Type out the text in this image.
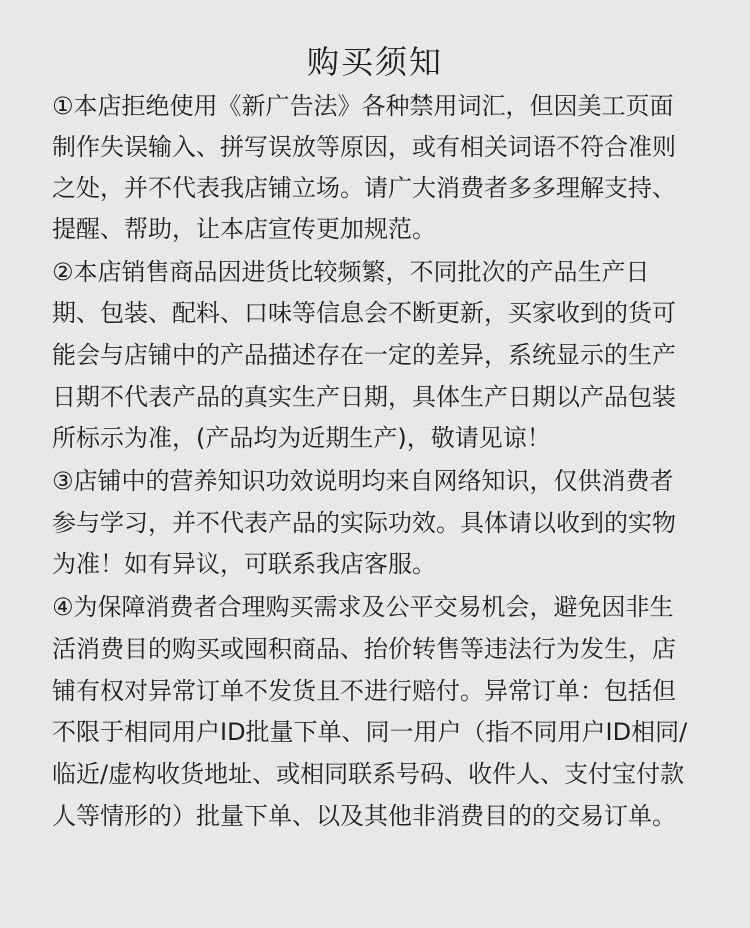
购买须知
①本店拒绝使用《新广告法》各种禁用词汇，但因美工页面
制作失误输入、拼写误放等原因，或有相关词语不符合准则
之处，并不代表我店铺立场。请广大消费者多多理解支持、
提醒、帮助，让本店宣传更加规范。
②本店销售商品因进货比较频繁，不同批次的产品生产日
期、包装、配料、口味等信息会不断更新，买家收到的货可
能会与店铺中的产品描述存在一定的差异，系统显示的生产
日期不代表产品的真实生产日期，具体生产日期以产品包装
所标示为准，(产品均为近期生产)，敬请见谅！
③店铺中的营养知识功效说明均来自网络知识，仅供消费者
参与学习，并不代表产品的实际功效。具体请以收到的实物
为准！如有异议，可联系我店客服。
④为保障消费者合理购买需求及公平交易机会，避免因非生
活消费目的购买或囤积商品、抬价转售等违法行为发生，店
铺有权对异常订单不发货且不进行赔付。异常订单：包括但
不限于相同用户ID批量下单、同一用户（指不同用户ID相同/
临近/虚构收货地址、或相同联系号码、收件人、支付宝付款
人等情形的）批量下单、以及其他非消费目的的交易订单。
